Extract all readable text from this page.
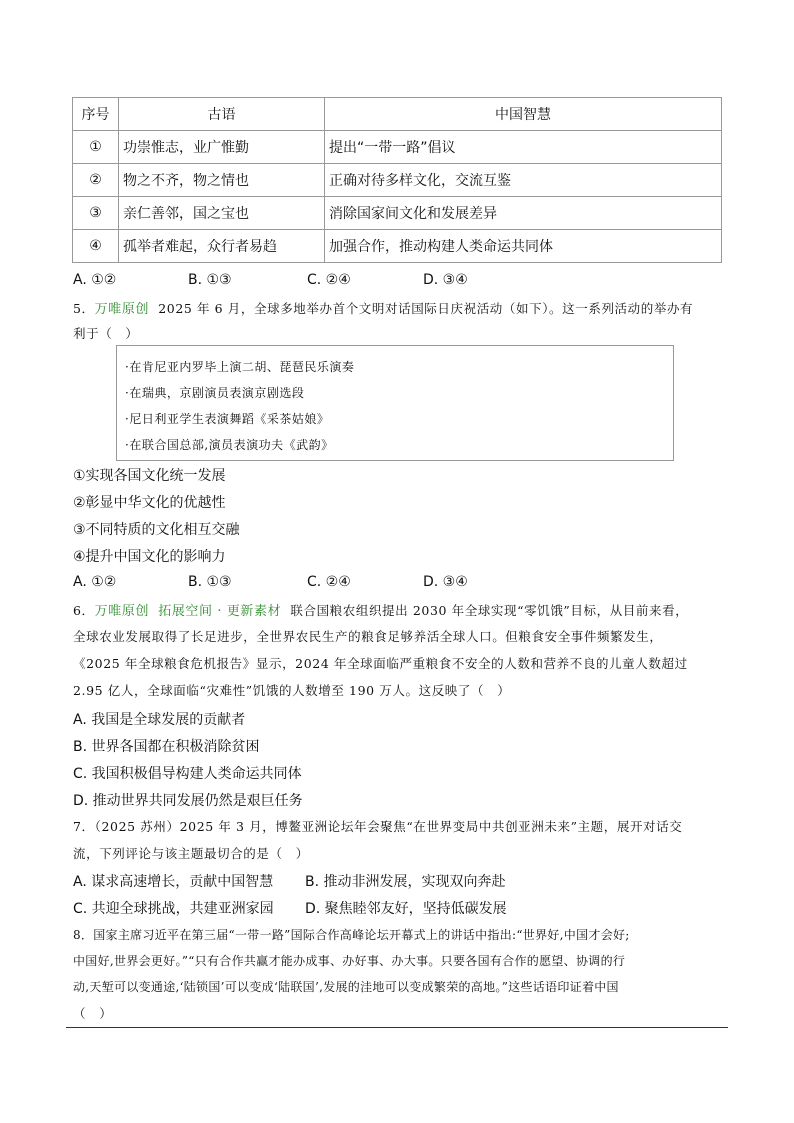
序号	古语	中国智慧
①	功崇惟志，业广惟勤	提出“一带一路”倡议
②	物之不齐，物之情也	正确对待多样文化，交流互鉴
③	亲仁善邻，国之宝也	消除国家间文化和发展差异
④	孤举者难起，众行者易趋	加强合作，推动构建人类命运共同体
A. ①②	B. ①③	C. ②④	D. ③④
5．万唯原创 2025 年 6 月，全球多地举办首个文明对话国际日庆祝活动（如下）。这一系列活动的举办有
利于（　）
·在肯尼亚内罗毕上演二胡、琵琶民乐演奏
·在瑞典，京剧演员表演京剧选段
·尼日利亚学生表演舞蹈《采茶姑娘》
·在联合国总部,演员表演功夫《武韵》
①实现各国文化统一发展
②彰显中华文化的优越性
③不同特质的文化相互交融
④提升中国文化的影响力
A. ①②	B. ①③	C. ②④	D. ③④
6．万唯原创 拓展空间 · 更新素材 联合国粮农组织提出 2030 年全球实现“零饥饿”目标，从目前来看，
全球农业发展取得了长足进步，全世界农民生产的粮食足够养活全球人口。但粮食安全事件频繁发生，
《2025 年全球粮食危机报告》显示，2024 年全球面临严重粮食不安全的人数和营养不良的儿童人数超过
2.95 亿人，全球面临“灾难性”饥饿的人数增至 190 万人。这反映了（　）
A. 我国是全球发展的贡献者
B. 世界各国都在积极消除贫困
C. 我国积极倡导构建人类命运共同体
D. 推动世界共同发展仍然是艰巨任务
7．（2025 苏州）2025 年 3 月，博鳌亚洲论坛年会聚焦“在世界变局中共创亚洲未来”主题，展开对话交
流，下列评论与该主题最切合的是（　）
A. 谋求高速增长，贡献中国智慧 B. 推动非洲发展，实现双向奔赴
C. 共迎全球挑战，共建亚洲家园 D. 聚焦睦邻友好，坚持低碳发展
8．国家主席习近平在第三届“一带一路”国际合作高峰论坛开幕式上的讲话中指出:“世界好,中国才会好;
中国好,世界会更好。”“只有合作共赢才能办成事、办好事、办大事。只要各国有合作的愿望、协调的行
动,天堑可以变通途,‘陆锁国’可以变成‘陆联国’,发展的洼地可以变成繁荣的高地。”这些话语印证着中国
（　）
